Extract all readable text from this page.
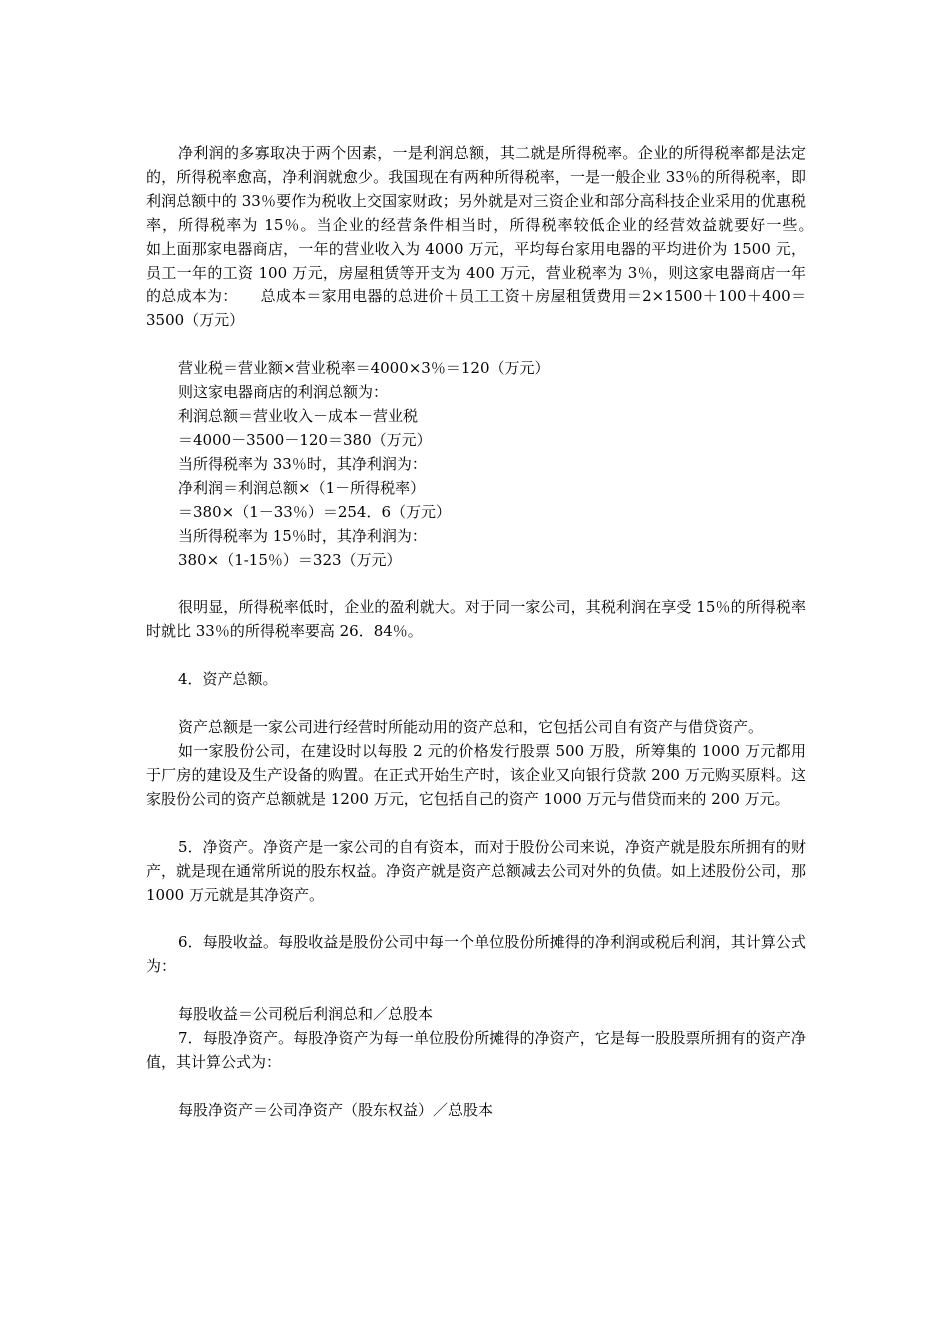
净利润的多寡取决于两个因素，一是利润总额，其二就是所得税率。企业的所得税率都是法定的，所得税率愈高，净利润就愈少。我国现在有两种所得税率，一是一般企业 33％的所得税率，即利润总额中的 33％要作为税收上交国家财政；另外就是对三资企业和部分高科技企业采用的优惠税率，所得税率为 15％。当企业的经营条件相当时，所得税率较低企业的经营效益就要好一些。　　如上面那家电器商店，一年的营业收入为 4000 万元，平均每台家用电器的平均进价为 1500 元，员工一年的工资 100 万元，房屋租赁等开支为 400 万元，营业税率为 3％，则这家电器商店一年的总成本为：　　总成本＝家用电器的总进价＋员工工资＋房屋租赁费用＝2×1500＋100＋400＝3500（万元）

营业税＝营业额×营业税率＝4000×3％＝120（万元）

则这家电器商店的利润总额为：

利润总额＝营业收入－成本－营业税

＝4000－3500－120＝380（万元）

当所得税率为 33％时，其净利润为：

净利润＝利润总额×（1－所得税率）

＝380×（1－33％）＝254．6（万元）

当所得税率为 15％时，其净利润为：

380×（1-15％）＝323（万元）

很明显，所得税率低时，企业的盈利就大。对于同一家公司，其税利润在享受 15％的所得税率时就比 33％的所得税率要高 26．84％。

4．资产总额。

资产总额是一家公司进行经营时所能动用的资产总和，它包括公司自有资产与借贷资产。

如一家股份公司，在建设时以每股 2 元的价格发行股票 500 万股，所筹集的 1000 万元都用于厂房的建设及生产设备的购置。在正式开始生产时，该企业又向银行贷款 200 万元购买原料。这家股份公司的资产总额就是 1200 万元，它包括自己的资产 1000 万元与借贷而来的 200 万元。

5．净资产。净资产是一家公司的自有资本，而对于股份公司来说，净资产就是股东所拥有的财产，就是现在通常所说的股东权益。净资产就是资产总额减去公司对外的负债。如上述股份公司，那 1000 万元就是其净资产。

6．每股收益。每股收益是股份公司中每一个单位股份所摊得的净利润或税后利润，其计算公式为：

每股收益＝公司税后利润总和／总股本

7．每股净资产。每股净资产为每一单位股份所摊得的净资产，它是每一股股票所拥有的资产净值，其计算公式为：

每股净资产＝公司净资产（股东权益）／总股本
